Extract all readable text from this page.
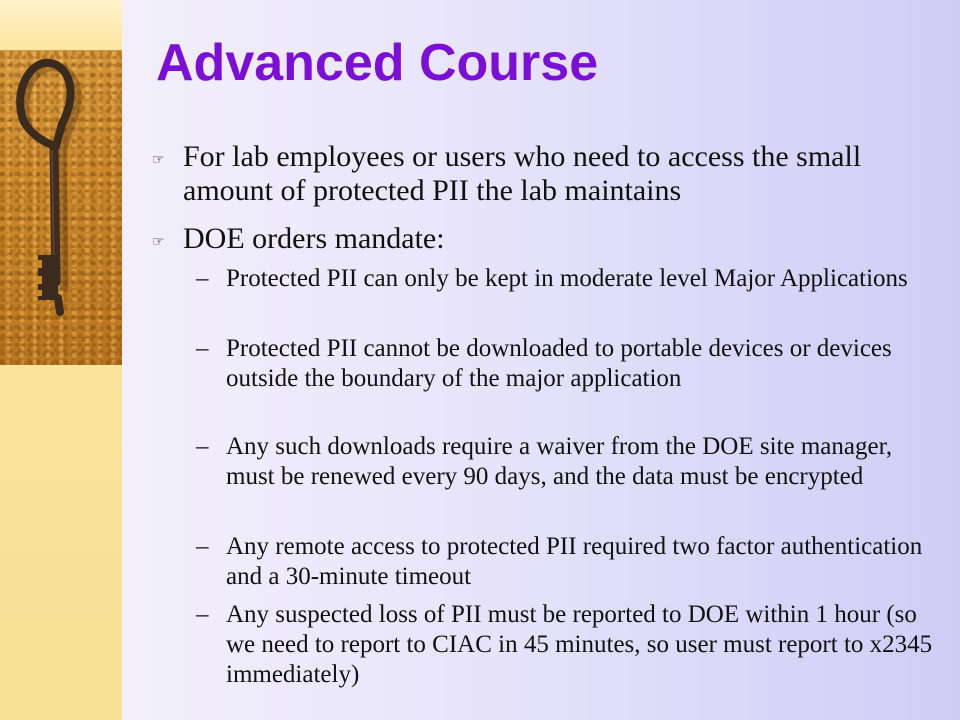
Advanced Course
☞ For lab employees or users who need to access the small amount of protected PII the lab maintains
☞ DOE orders mandate:
– Protected PII can only be kept in moderate level Major Applications
– Protected PII cannot be downloaded to portable devices or devices outside the boundary of the major application
– Any such downloads require a waiver from the DOE site manager, must be renewed every 90 days, and the data must be encrypted
– Any remote access to protected PII required two factor authentication and a 30-minute timeout
– Any suspected loss of PII must be reported to DOE within 1 hour (so we need to report to CIAC in 45 minutes, so user must report to x2345 immediately)
